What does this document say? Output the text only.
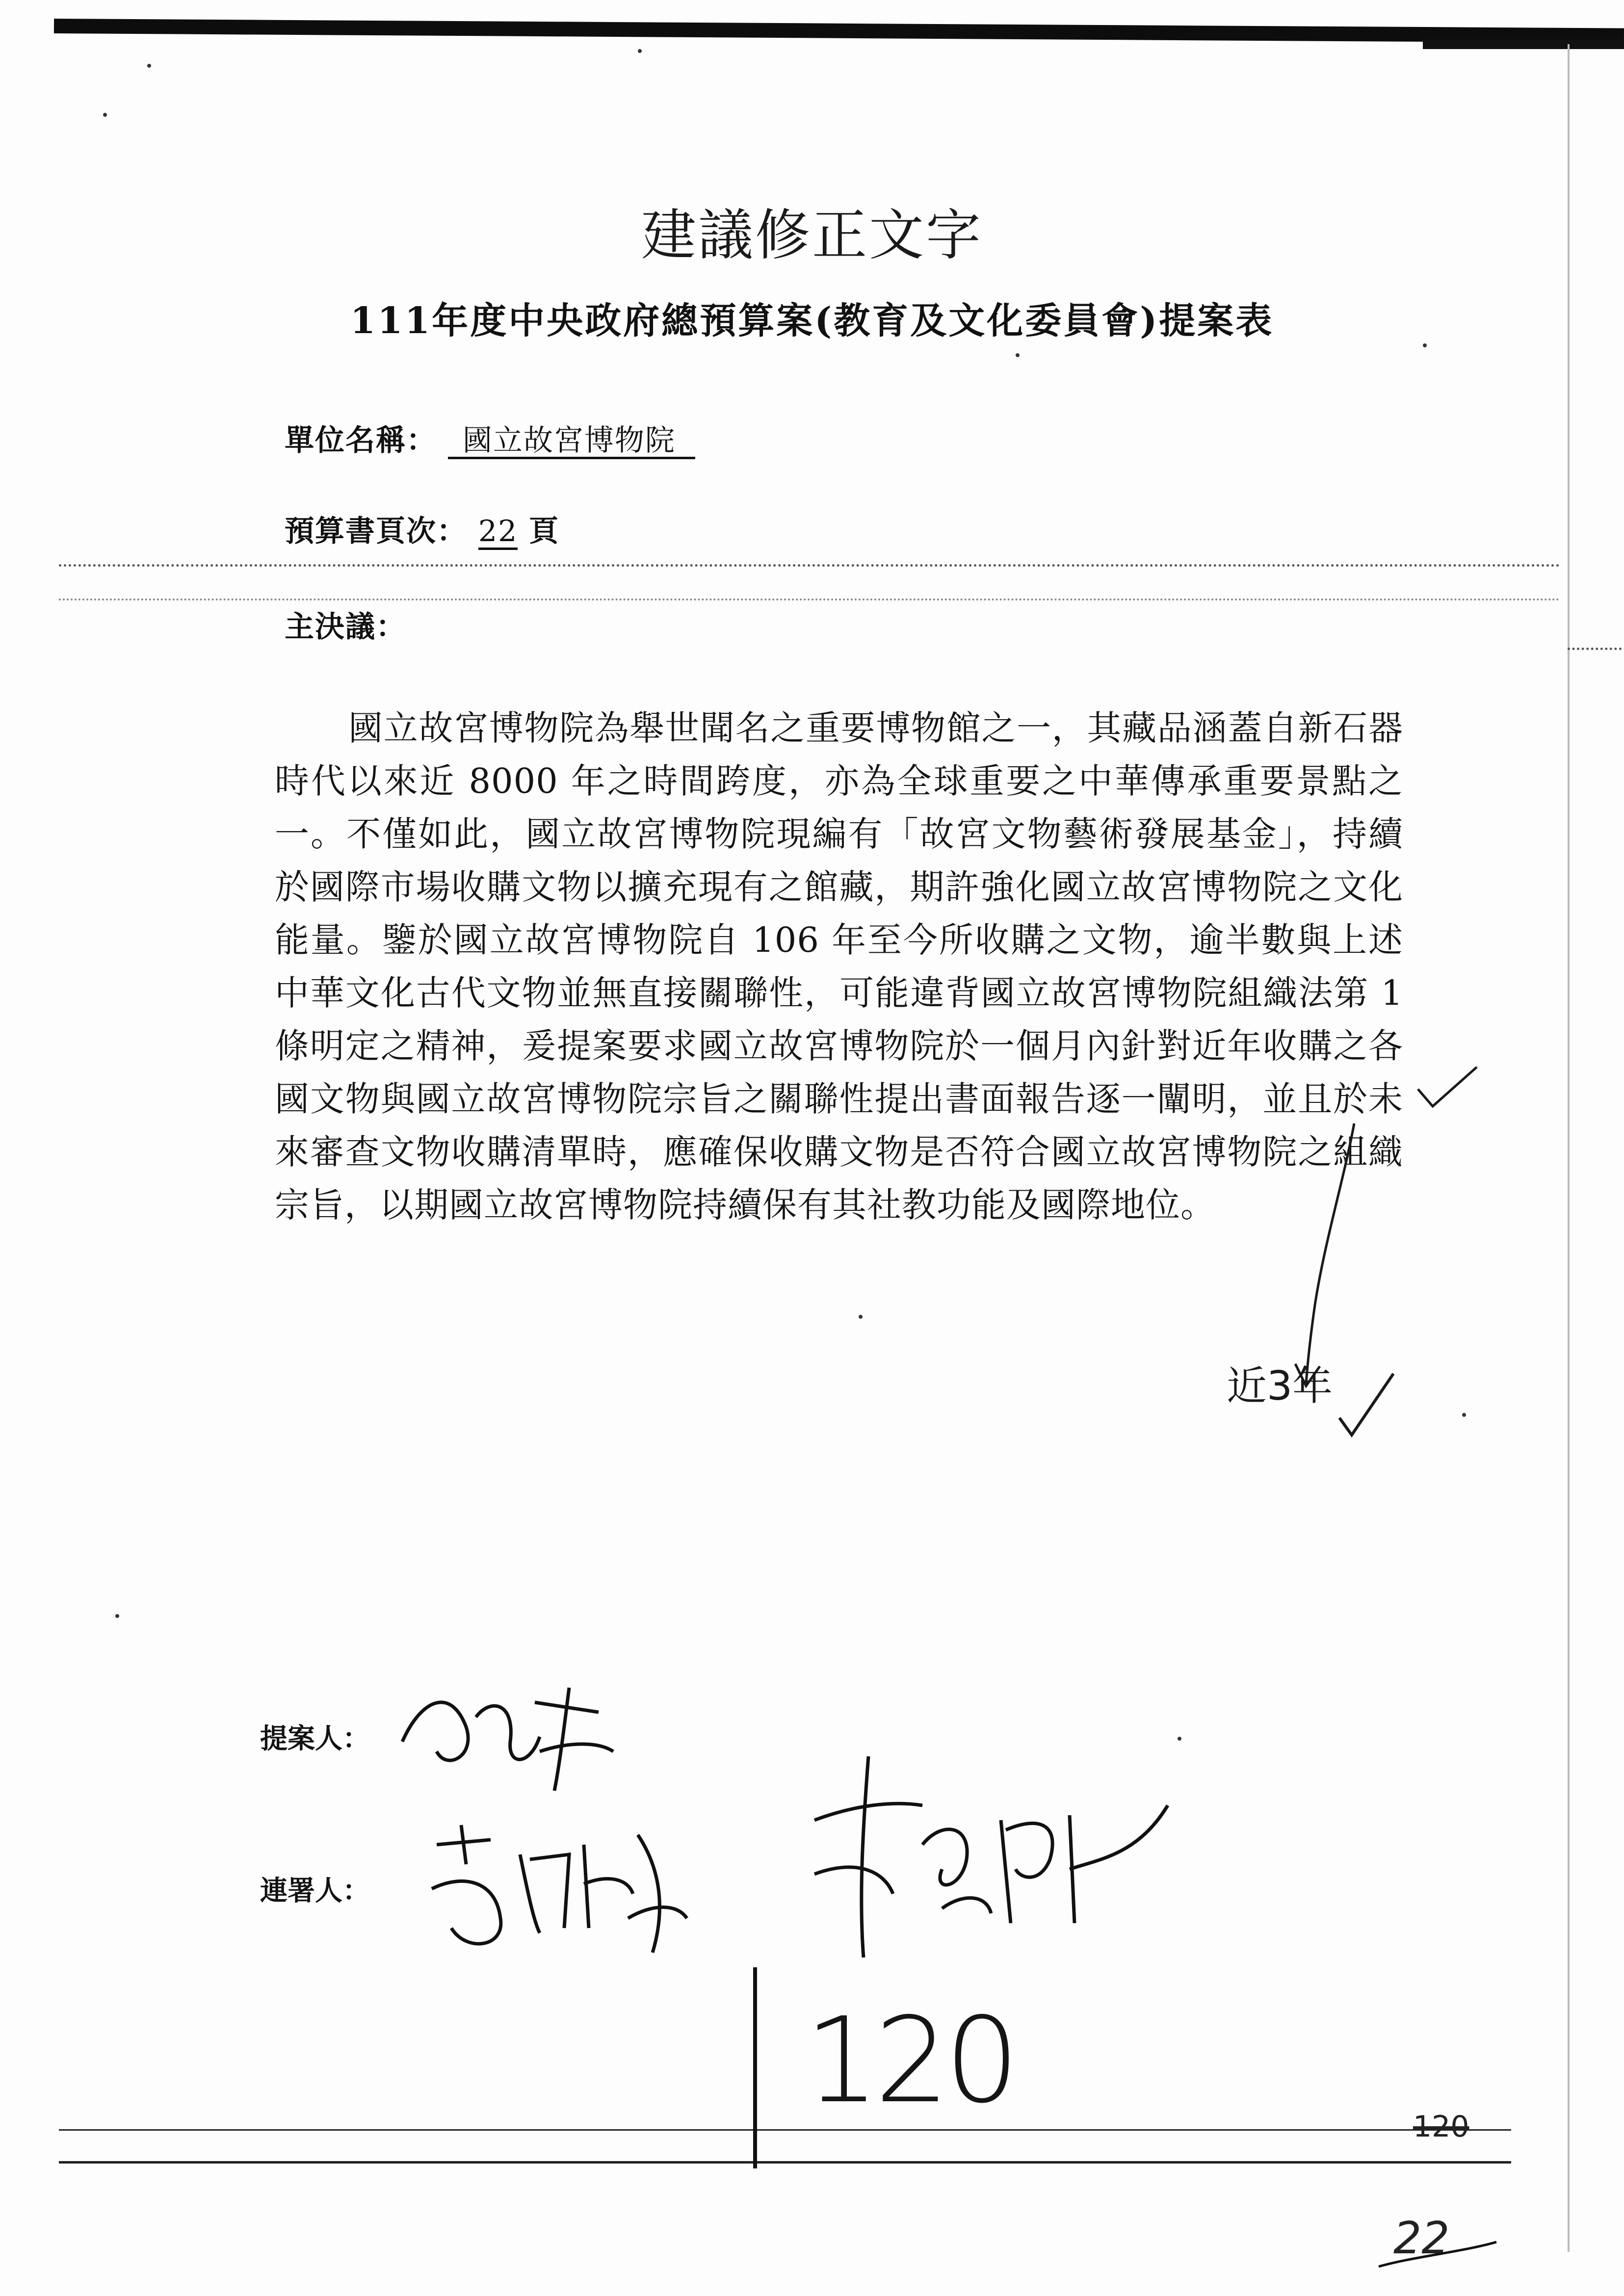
建議修正文字
111年度中央政府總預算案(教育及文化委員會)提案表
單位名稱： 國立故宮博物院
預算書頁次： 22 頁
主決議：
國立故宮博物院為舉世聞名之重要博物館之一，其藏品涵蓋自新石器時代以來近 8000 年之時間跨度，亦為全球重要之中華傳承重要景點之一。不僅如此，國立故宮博物院現編有「故宮文物藝術發展基金」，持續於國際市場收購文物以擴充現有之館藏，期許強化國立故宮博物院之文化能量。鑒於國立故宮博物院自 106 年至今所收購之文物，逾半數與上述中華文化古代文物並無直接關聯性，可能違背國立故宮博物院組織法第 1 條明定之精神，爰提案要求國立故宮博物院於一個月內針對近年收購之各國文物與國立故宮博物院宗旨之關聯性提出書面報告逐一闡明，並且於未來審查文物收購清單時，應確保收購文物是否符合國立故宮博物院之組織宗旨，以期國立故宮博物院持續保有其社教功能及國際地位。
近3年
提案人：
連署人：
120	120
22
